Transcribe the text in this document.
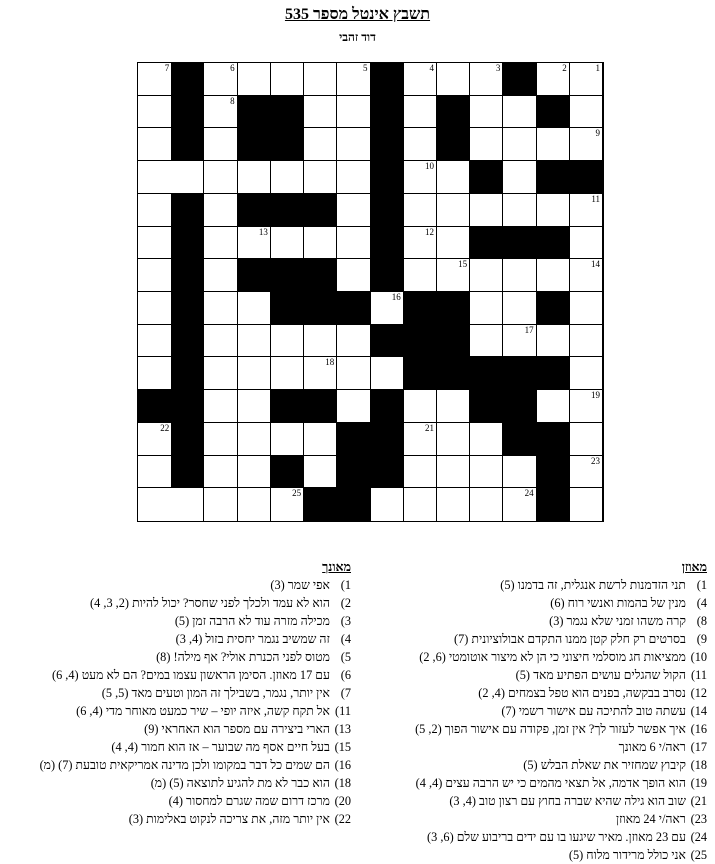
תשבץ אינטל מספר 535
דוד זהבי
1
2
3
4
5
6
7
8
9
10
11
12
13
14
15
16
17
18
19
20
21
22
23
24
25
מאוזן
1) תני הזדמנות לרשת אנגלית, זה בדמנו (5)
4) מנין של בהמות ואנשי רוח (6)
8) קרה משהו זמני שלא נגמר (3)
9) בסרטים רק חלק קטן ממנו התקדם אבולוציונית (7)
10) ממציאות חג מוסלמי חיצוני כי הן לא מיצור אוטומטי (6, 2)
11) הקול שהגלים עושים הפתיע מאד (5)
12) נסרב בבקשה, בפנים הוא טפל בצמחים (4, 2)
14) עשתה טוב להתיכה עם אישור רשמי (7)
16) איך אפשר לעזור לך? אין זמן, פקודה עם אישור הפוך (2, 5)
17) ראה/י 6 מאונך
18) קיבוץ שמחזיר את שאלת הבלש (5)
19) הוא הופך אדמה, אל תצאי מהמים כי יש הרבה עצים (4, 4)
21) שוב הוא גילה שהיא שברה בחוץ עם רצון טוב (4, 3)
23) ראה/י 24 מאוזן
24) עם 23 מאוזן. מאיר שיגעו בו עם ידים בריבוע שלם (6, 3)
25) אני כולל מרידור מלוח (5)
מאונך
1) אפי שמר (3)
2) הוא לא עמד ולכלך לפני שחסר? יכול להיות (2, 3, 4)
3) מכילה מזרה עוד לא הרבה זמן (5)
4) זה שמשיב נגמר יחסית בזול (4, 3)
5) מטוס לפני הכנרת אולי? אף מילה! (8)
6) עם 17 מאוזן. הסימן הראשון עצמו במים? הם לא מעט (4, 6)
7) אין יותר, נגמר, בשבילך זה המון וטעים מאד (5, 5)
11) אל תקח קשה, איזה יופי – שיר כמעט מאוחר מדי (4, 6)
13) הארי ביצירה עם מספר הוא האחראי (9)
15) בעל חיים אסף מה שבוער – אז הוא חמור (4, 4)
16) הם שמים כל דבר במקומו ולכן מדינה אמריקאית טובעת (7) (מ)
18) הוא כבר לא מת להגיע לתוצאה (5) (מ)
20) מרכז דרום שמה שגרם למחסור (4)
22) אין יותר מזה, את צריכה לנקוט באלימות (3)
